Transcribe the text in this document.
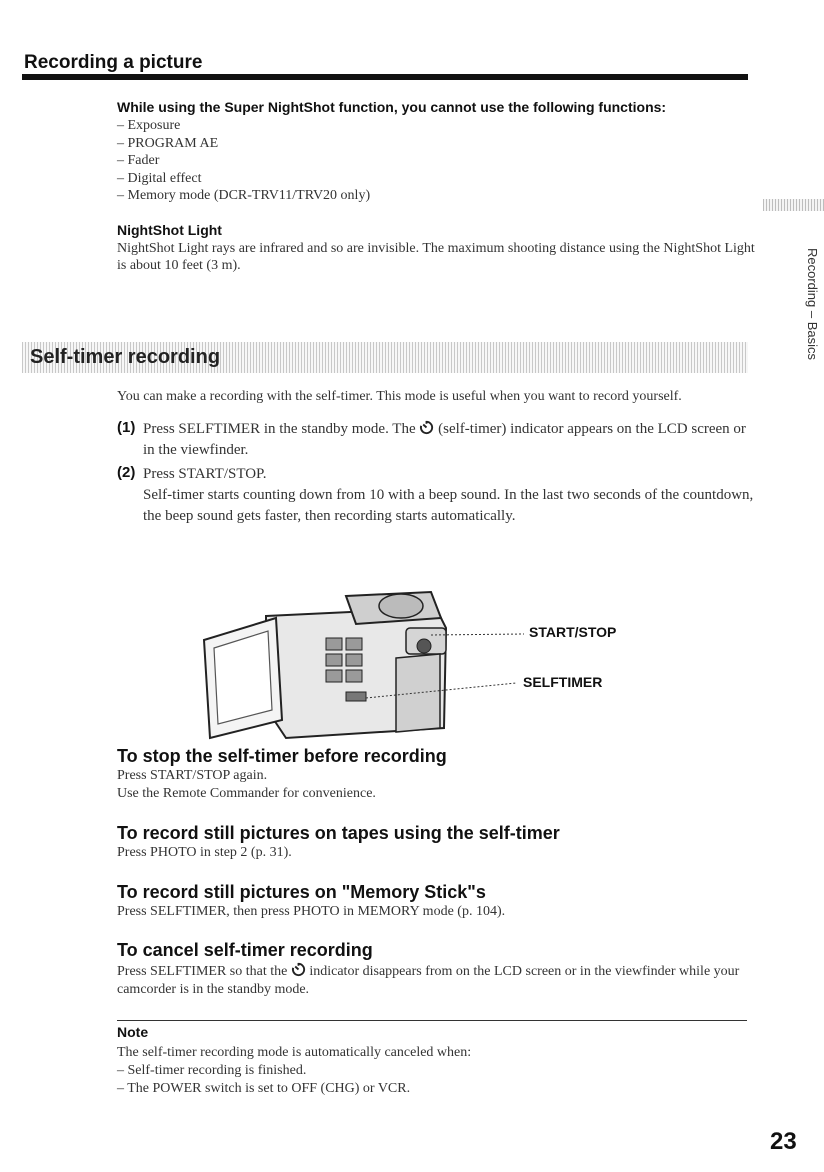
Recording a picture
Recording – Basics
While using the Super NightShot function, you cannot use the following functions:
– Exposure
– PROGRAM AE
– Fader
– Digital effect
– Memory mode (DCR-TRV11/TRV20 only)
NightShot Light
NightShot Light rays are infrared and so are invisible. The maximum shooting distance using the NightShot Light is about 10 feet (3 m).
Self-timer recording
You can make a recording with the self-timer. This mode is useful when you want to record yourself.
(1) Press SELFTIMER in the standby mode. The  (self-timer) indicator appears on the LCD screen or in the viewfinder.
(2) Press START/STOP.
Self-timer starts counting down from 10 with a beep sound. In the last two seconds of the countdown, the beep sound gets faster, then recording starts automatically.
START/STOP
SELFTIMER
To stop the self-timer before recording
Press START/STOP again.
Use the Remote Commander for convenience.
To record still pictures on tapes using the self-timer
Press PHOTO in step 2 (p. 31).
To record still pictures on "Memory Stick"s
Press SELFTIMER, then press PHOTO in MEMORY mode (p. 104).
To cancel self-timer recording
Press SELFTIMER so that the  indicator disappears from on the LCD screen or in the viewfinder while your camcorder is in the standby mode.
Note
The self-timer recording mode is automatically canceled when:
– Self-timer recording is finished.
– The POWER switch is set to OFF (CHG) or VCR.
23
